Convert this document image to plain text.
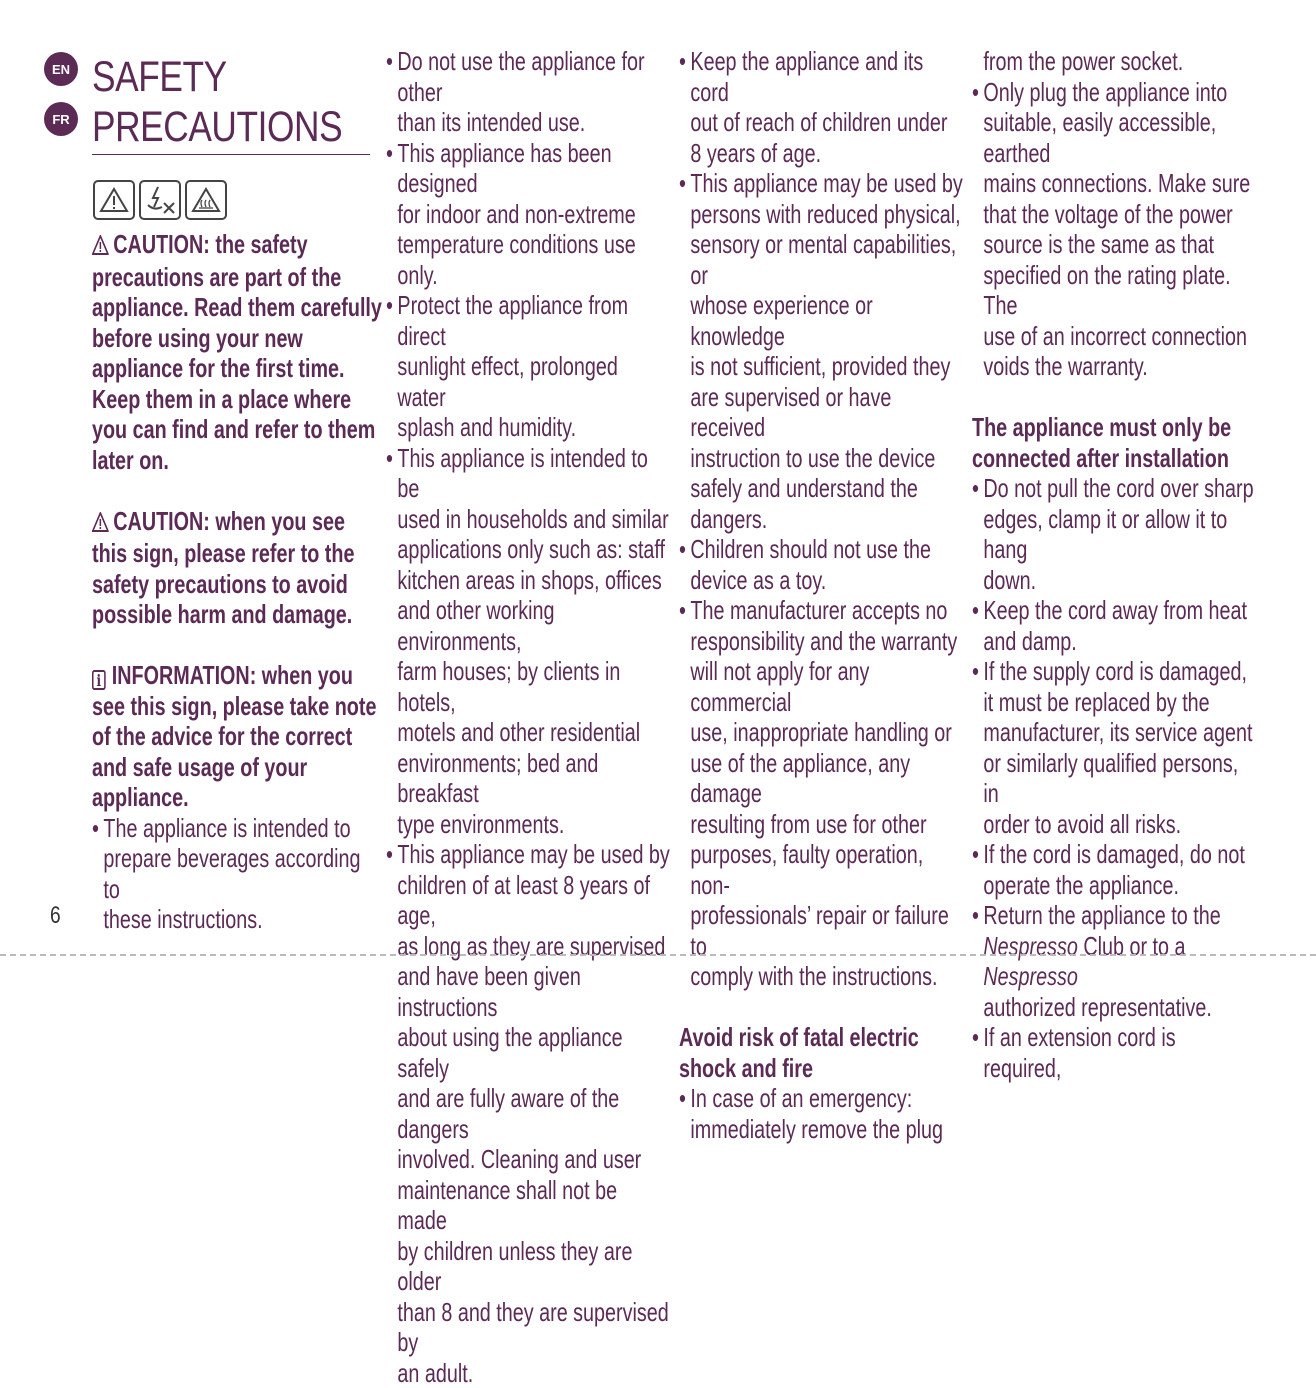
EN
FR
SAFETY
PRECAUTIONS
CAUTION: the safety precautions are part of the appliance. Read them carefully before using your new appliance for the first time. Keep them in a place where you can find and refer to them later on.
CAUTION: when you see this sign, please refer to the safety precautions to avoid possible harm and damage.
i INFORMATION: when you see this sign, please take note of the advice for the correct and safe usage of your appliance.
• The appliance is intended to
prepare beverages according to
these instructions.
• Do not use the appliance for other
than its intended use.
• This appliance has been designed
for indoor and non-extreme
temperature conditions use only.
• Protect the appliance from direct
sunlight effect, prolonged water
splash and humidity.
• This appliance is intended to be
used in households and similar
applications only such as: staff
kitchen areas in shops, offices
and other working environments,
farm houses; by clients in hotels,
motels and other residential
environments; bed and breakfast
type environments.
• This appliance may be used by
children of at least 8 years of age,
as long as they are supervised
and have been given instructions
about using the appliance safely
and are fully aware of the dangers
involved. Cleaning and user
maintenance shall not be made
by children unless they are older
than 8 and they are supervised by
an adult.
• Keep the appliance and its cord
out of reach of children under
8 years of age.
• This appliance may be used by
persons with reduced physical,
sensory or mental capabilities, or
whose experience or knowledge
is not sufficient, provided they
are supervised or have received
instruction to use the device
safely and understand the
dangers.
• Children should not use the
device as a toy.
• The manufacturer accepts no
responsibility and the warranty
will not apply for any commercial
use, inappropriate handling or
use of the appliance, any damage
resulting from use for other
purposes, faulty operation, non-
professionals’ repair or failure to
comply with the instructions.
Avoid risk of fatal electric
shock and fire
• In case of an emergency:
immediately remove the plug
from the power socket.
• Only plug the appliance into
suitable, easily accessible, earthed
mains connections. Make sure
that the voltage of the power
source is the same as that
specified on the rating plate. The
use of an incorrect connection
voids the warranty.
The appliance must only be
connected after installation
• Do not pull the cord over sharp
edges, clamp it or allow it to hang
down.
• Keep the cord away from heat
and damp.
• If the supply cord is damaged,
it must be replaced by the
manufacturer, its service agent
or similarly qualified persons, in
order to avoid all risks.
• If the cord is damaged, do not
operate the appliance.
• Return the appliance to the
Nespresso Club or to a Nespresso
authorized representative.
• If an extension cord is required,
6
